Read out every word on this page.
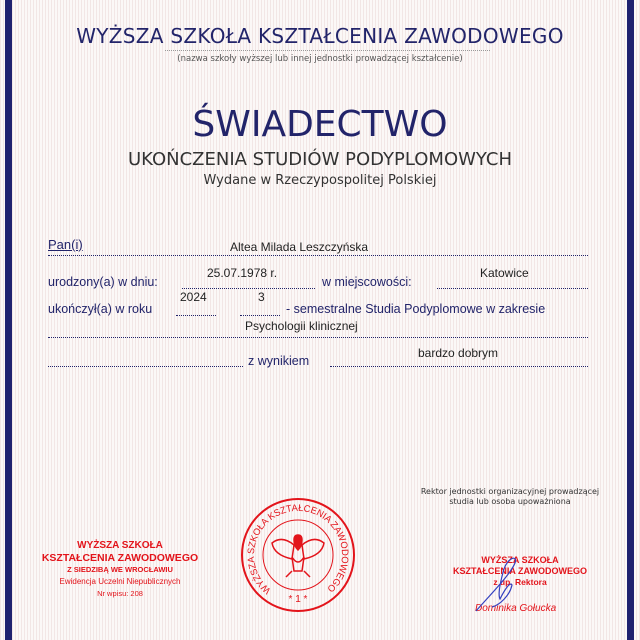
WYŻSZA SZKOŁA KSZTAŁCENIA ZAWODOWEGO
(nazwa szkoły wyższej lub innej jednostki prowadzącej kształcenie)
ŚWIADECTWO
UKOŃCZENIA STUDIÓW PODYPLOMOWYCH
Wydane w Rzeczypospolitej Polskiej
Pan(i)	Altea Milada Leszczyńska
urodzony(a) w dniu:
25.07.1978 r.
w miejscowości:
Katowice
ukończył(a) w roku
2024	3
- semestralne Studia Podyplomowe w zakresie
Psychologii klinicznej
z wynikiem
bardzo dobrym
Rektor jednostki organizacyjnej prowadzącej
studia lub osoba upoważniona
WYŻSZA SZKOŁA
KSZTAŁCENIA ZAWODOWEGO
Z SIEDZIBĄ WE WROCŁAWIU
Ewidencja Uczelni Niepublicznych
Nr wpisu: 208	WYŻSZA SZKOŁA KSZTAŁCENIA ZAWODOWEGO
* 1 *
WYŻSZA SZKOŁA
KSZTAŁCENIA ZAWODOWEGO
z up. Rektora
Dominika Gołucka
